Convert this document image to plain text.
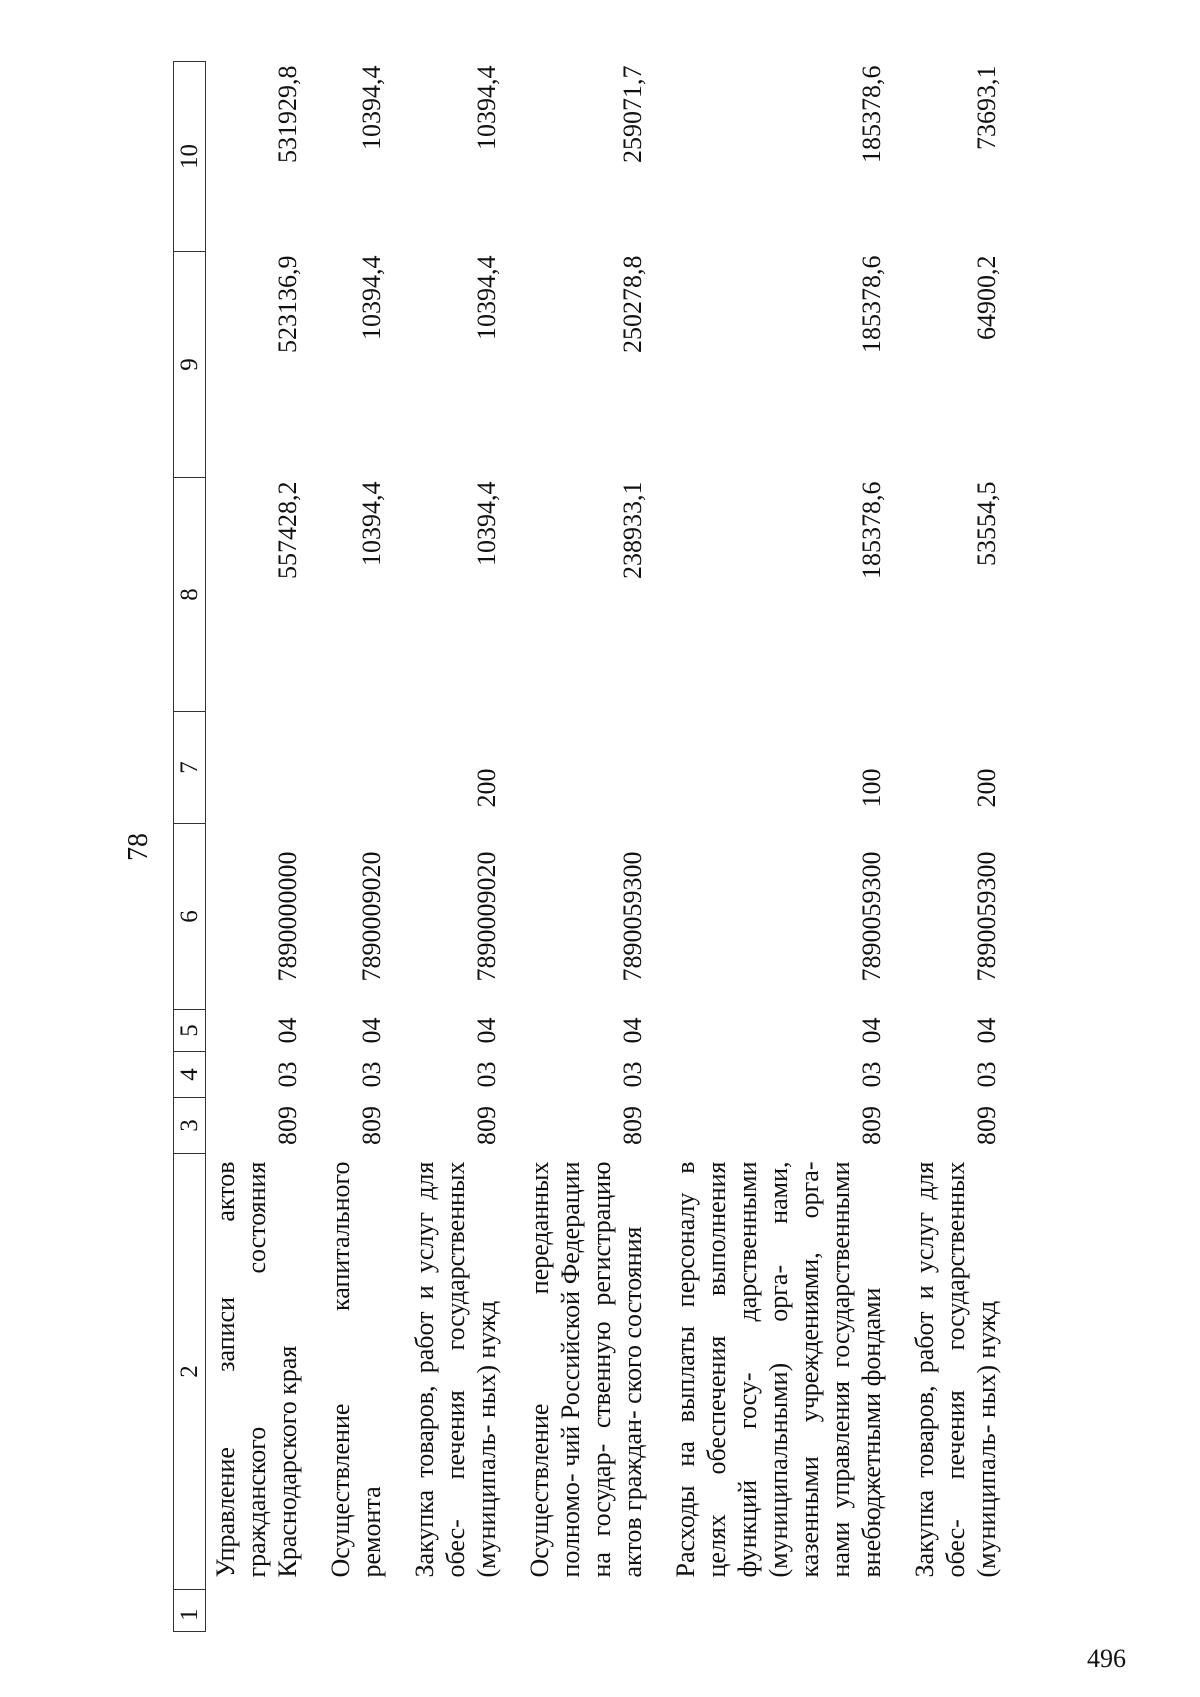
78
1	2	3	4	5	6	7	8	9	10
	Управление записи актов гражданского состояния Краснодарского края	809	03	04	7890000000		557428,2	523136,9	531929,8
	Осуществление капитального ремонта	809	03	04	7890009020		10394,4	10394,4	10394,4
	Закупка товаров, работ и услуг для обес- печения государственных (муниципаль- ных) нужд	809	03	04	7890009020	200	10394,4	10394,4	10394,4
	Осуществление переданных полномо- чий Российской Федерации на государ- ственную регистрацию актов граждан- ского состояния	809	03	04	7890059300		238933,1	250278,8	259071,7
	Расходы на выплаты персоналу в целях обеспечения выполнения функций госу- дарственными (муниципальными) орга- нами, казенными учреждениями, орга- нами управления государственными внебюджетными фондами	809	03	04	7890059300	100	185378,6	185378,6	185378,6
	Закупка товаров, работ и услуг для обес- печения государственных (муниципаль- ных) нужд	809	03	04	7890059300	200	53554,5	64900,2	73693,1
496
